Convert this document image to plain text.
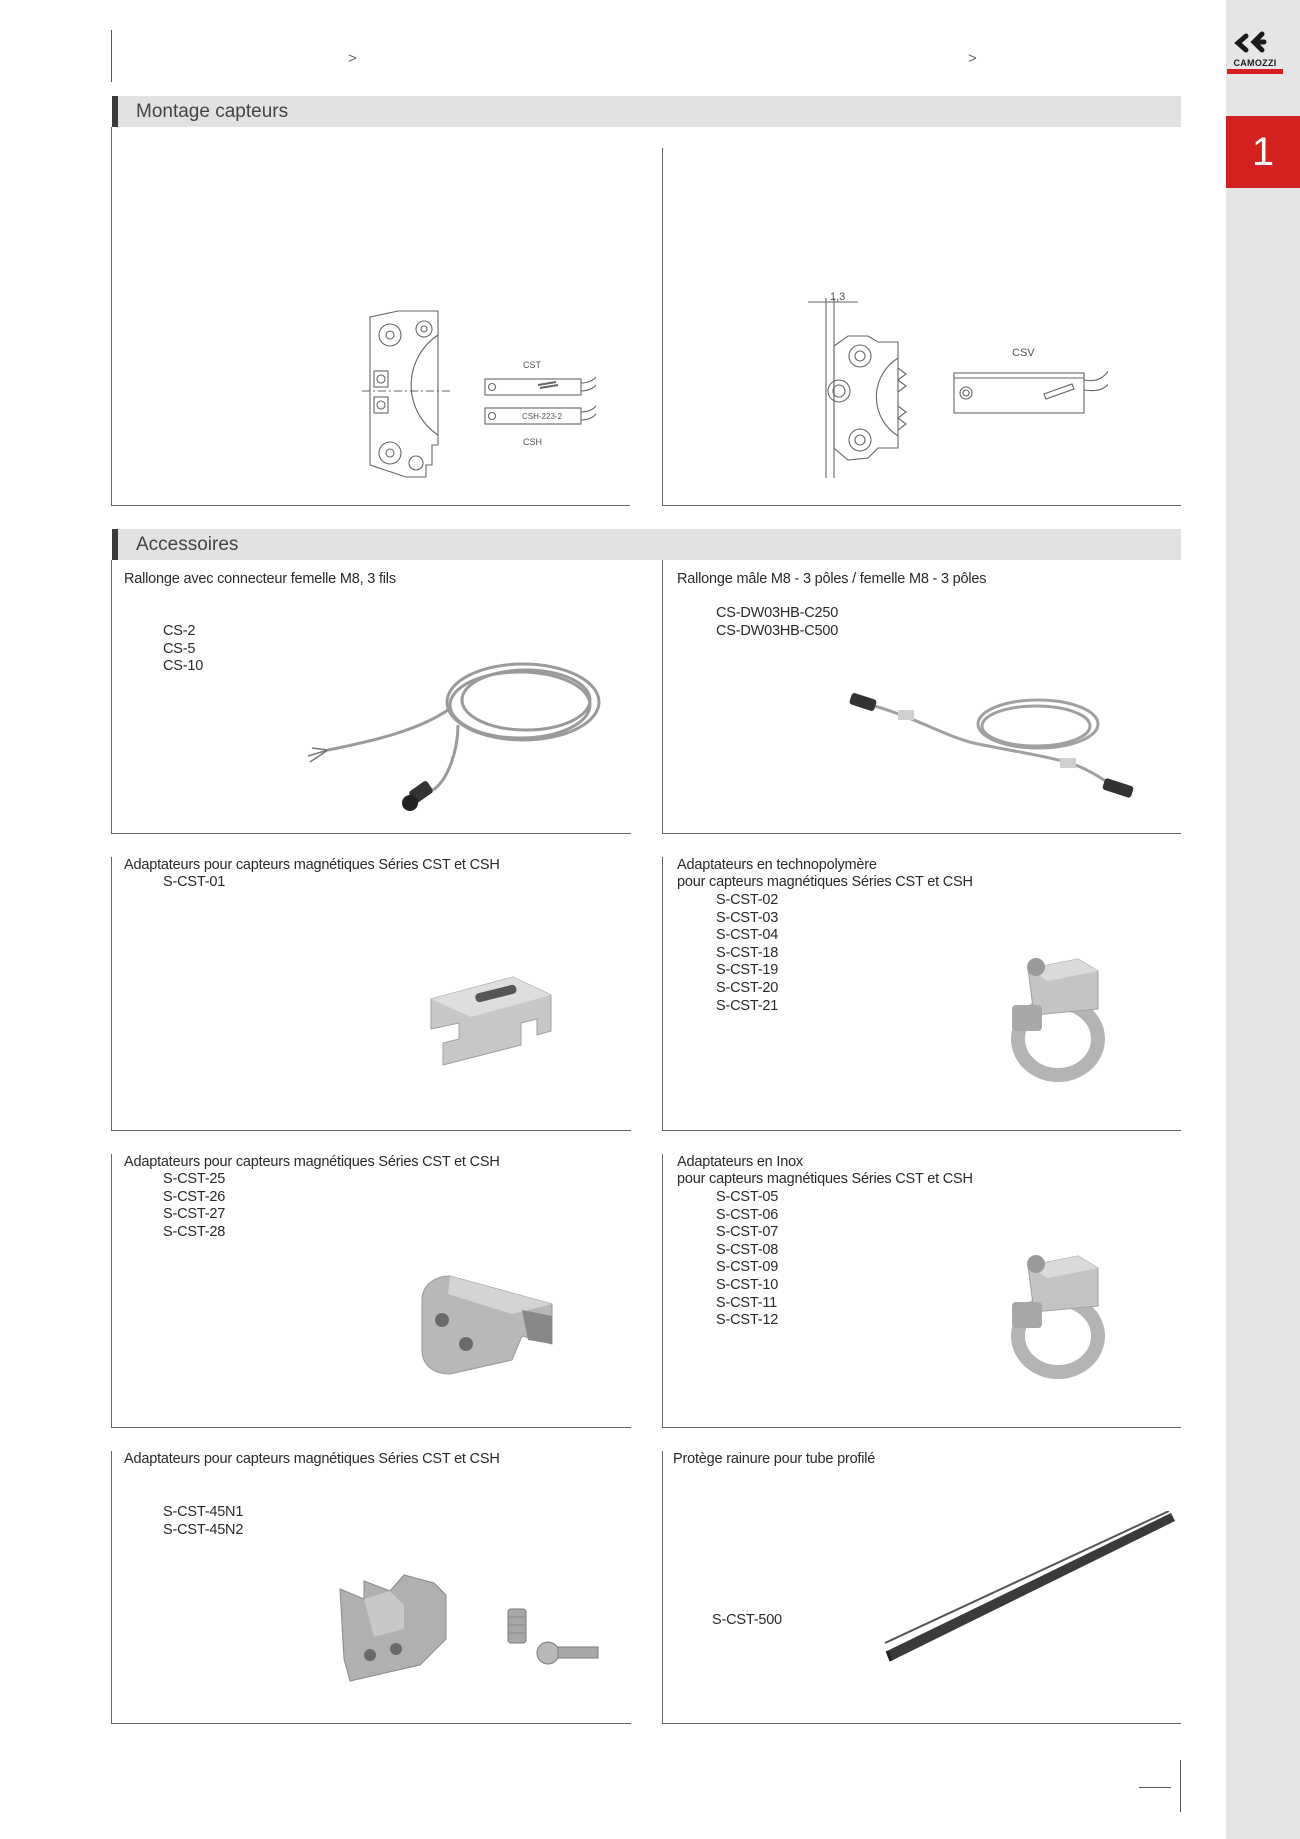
CAMOZZI
1
>	>
Montage capteurs
CST
CSH-223-2
CSH
1,3
CSV
Accessoires
Rallonge avec connecteur femelle M8, 3 fils
CS-2
CS-5
CS-10
Rallonge mâle M8 - 3 pôles / femelle M8 - 3 pôles
CS-DW03HB-C250
CS-DW03HB-C500
Adaptateurs pour capteurs magnétiques Séries CST et CSH
S-CST-01
Adaptateurs en technopolymère
pour capteurs magnétiques Séries CST et CSH
S-CST-02
S-CST-03
S-CST-04
S-CST-18
S-CST-19
S-CST-20
S-CST-21
Adaptateurs pour capteurs magnétiques Séries CST et CSH
S-CST-25
S-CST-26
S-CST-27
S-CST-28
Adaptateurs en Inox
pour capteurs magnétiques Séries CST et CSH
S-CST-05
S-CST-06
S-CST-07
S-CST-08
S-CST-09
S-CST-10
S-CST-11
S-CST-12
Adaptateurs pour capteurs magnétiques Séries CST et CSH
S-CST-45N1
S-CST-45N2
Protège rainure pour tube profilé
S-CST-500
